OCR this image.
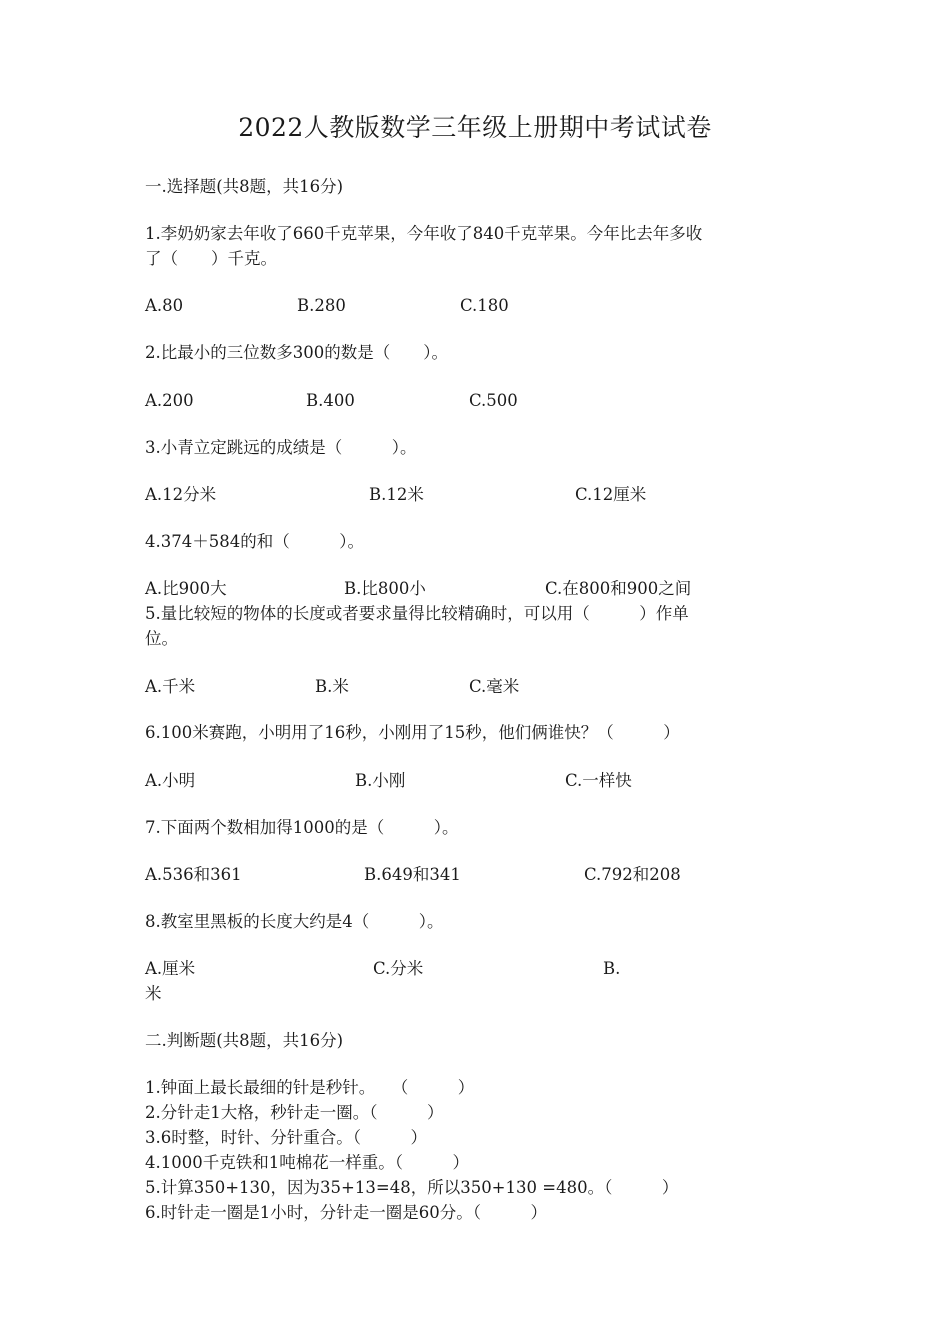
2022人教版数学三年级上册期中考试试卷
一.选择题(共8题，共16分)
1.李奶奶家去年收了660千克苹果，今年收了840千克苹果。今年比去年多收
了（　　）千克。
A.80	B.280	C.180
2.比最小的三位数多300的数是（　　）。
A.200	B.400	C.500
3.小青立定跳远的成绩是（　　　）。
A.12分米	B.12米	C.12厘米
4.374＋584的和（　　　）。
A.比900大	B.比800小	C.在800和900之间
5.量比较短的物体的长度或者要求量得比较精确时，可以用（　　　）作单
位。
A.千米	B.米	C.毫米
6.100米赛跑，小明用了16秒，小刚用了15秒，他们俩谁快？（　　　）
A.小明	B.小刚	C.一样快
7.下面两个数相加得1000的是（　　　）。
A.536和361	B.649和341	C.792和208
8.教室里黑板的长度大约是4（　　　）。
A.厘米	C.分米	B.
米
二.判断题(共8题，共16分)
1.钟面上最长最细的针是秒针。　　（　　　）
2.分针走1大格，秒针走一圈。（　　　）
3.6时整，时针、分针重合。（　　　）
4.1000千克铁和1吨棉花一样重。（　　　）
5.计算350+130，因为35+13=48，所以350+130 =480。（　　　）
6.时针走一圈是1小时，分针走一圈是60分。（　　　）
